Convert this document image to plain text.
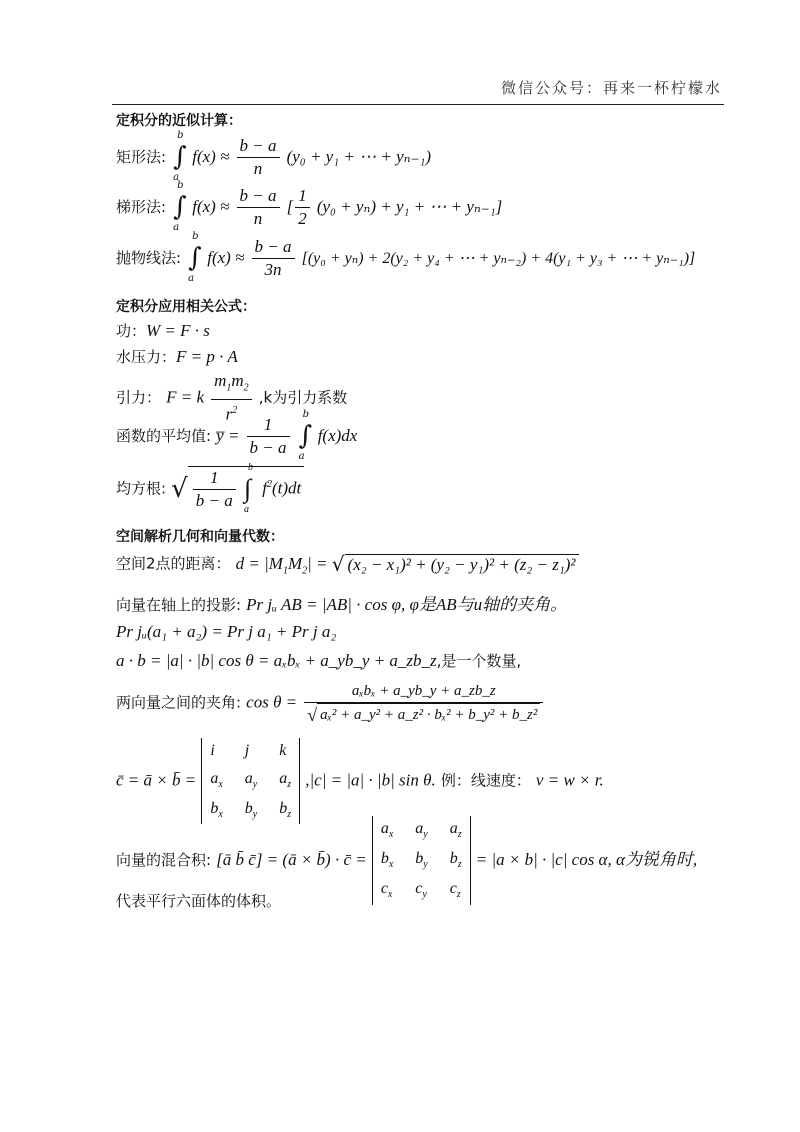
微信公众号：再来一杯柠檬水
定积分的近似计算：
矩形法:
b
∫
a
$f(x) \approx \frac{b - a}{n} (y_0 + y_1$ + ⋯ + yₙ₋₁)
梯形法:
b
∫
a
$f(x) \approx \frac{b - a}{n}$ [ $\frac{1}{2} (y_0 + y_n) + y_1$ + ⋯ + yₙ₋₁]
抛物线法:
b
∫
a
$f(x) \approx \frac{b - a}{3n} [(y_0 + y_n) + 2(y_2 + y_4$ + ⋯ + yₙ₋₂) + 4(y₁ + y₃ + ⋯ + yₙ₋₁)]
定积分应用相关公式：
功：W = F · s
水压力：F = p · A
引力： F = k $\frac{m_1m_2}{r^2} ,k$为引力系数
函数的平均值: y̅ = $\frac{1}{b - a}$
b
∫
a
f(x)dx
均方根: √ $\frac{1}{b - a}$
b
∫
a
$f^2(t)dt$
空间解析几何和向量代数：
空间2点的距离： $d = |M_1M_2|$ = √ (x₂ − x₁)² + (y₂ − y₁)² + (z₂ − z₁)²
向量在轴上的投影: Pr jᵤ AB = |AB| · cos φ, φ是AB与u轴的夹角。
Pr jᵤ(a₁ + a₂) = Pr j a₁ + Pr j a₂
a · b = |a| · |b| cos θ = aₓbₓ + a_yb_y + a_zb_z,是一个数量,
两向量之间的夹角: $\cos \theta = \frac{\text{aₓbₓ + a\_yb\_y + a\_zb\_z}}{\text{√ aₓ² + a\_y² + a\_z² · bₓ² + b\_y² + b\_z²}}$
c̄ = ā × b̄ =
i	j	k
$a_x$ $a_y$ $a_z$
$b_x$ $b_y$ $b_z$
,|c| = |a| · |b| sin θ. 例：线速度： v = w × r.
向量的混合积: [ā b̄ c̄] = (ā × b̄) · c̄ =
$a_x$ $a_y$ $a_z$
$b_x$ $b_y$ $b_z$
$c_x$ $c_y$ $c_z$
= |a × b| · |c| cos α, α为锐角时,
代表平行六面体的体积。
